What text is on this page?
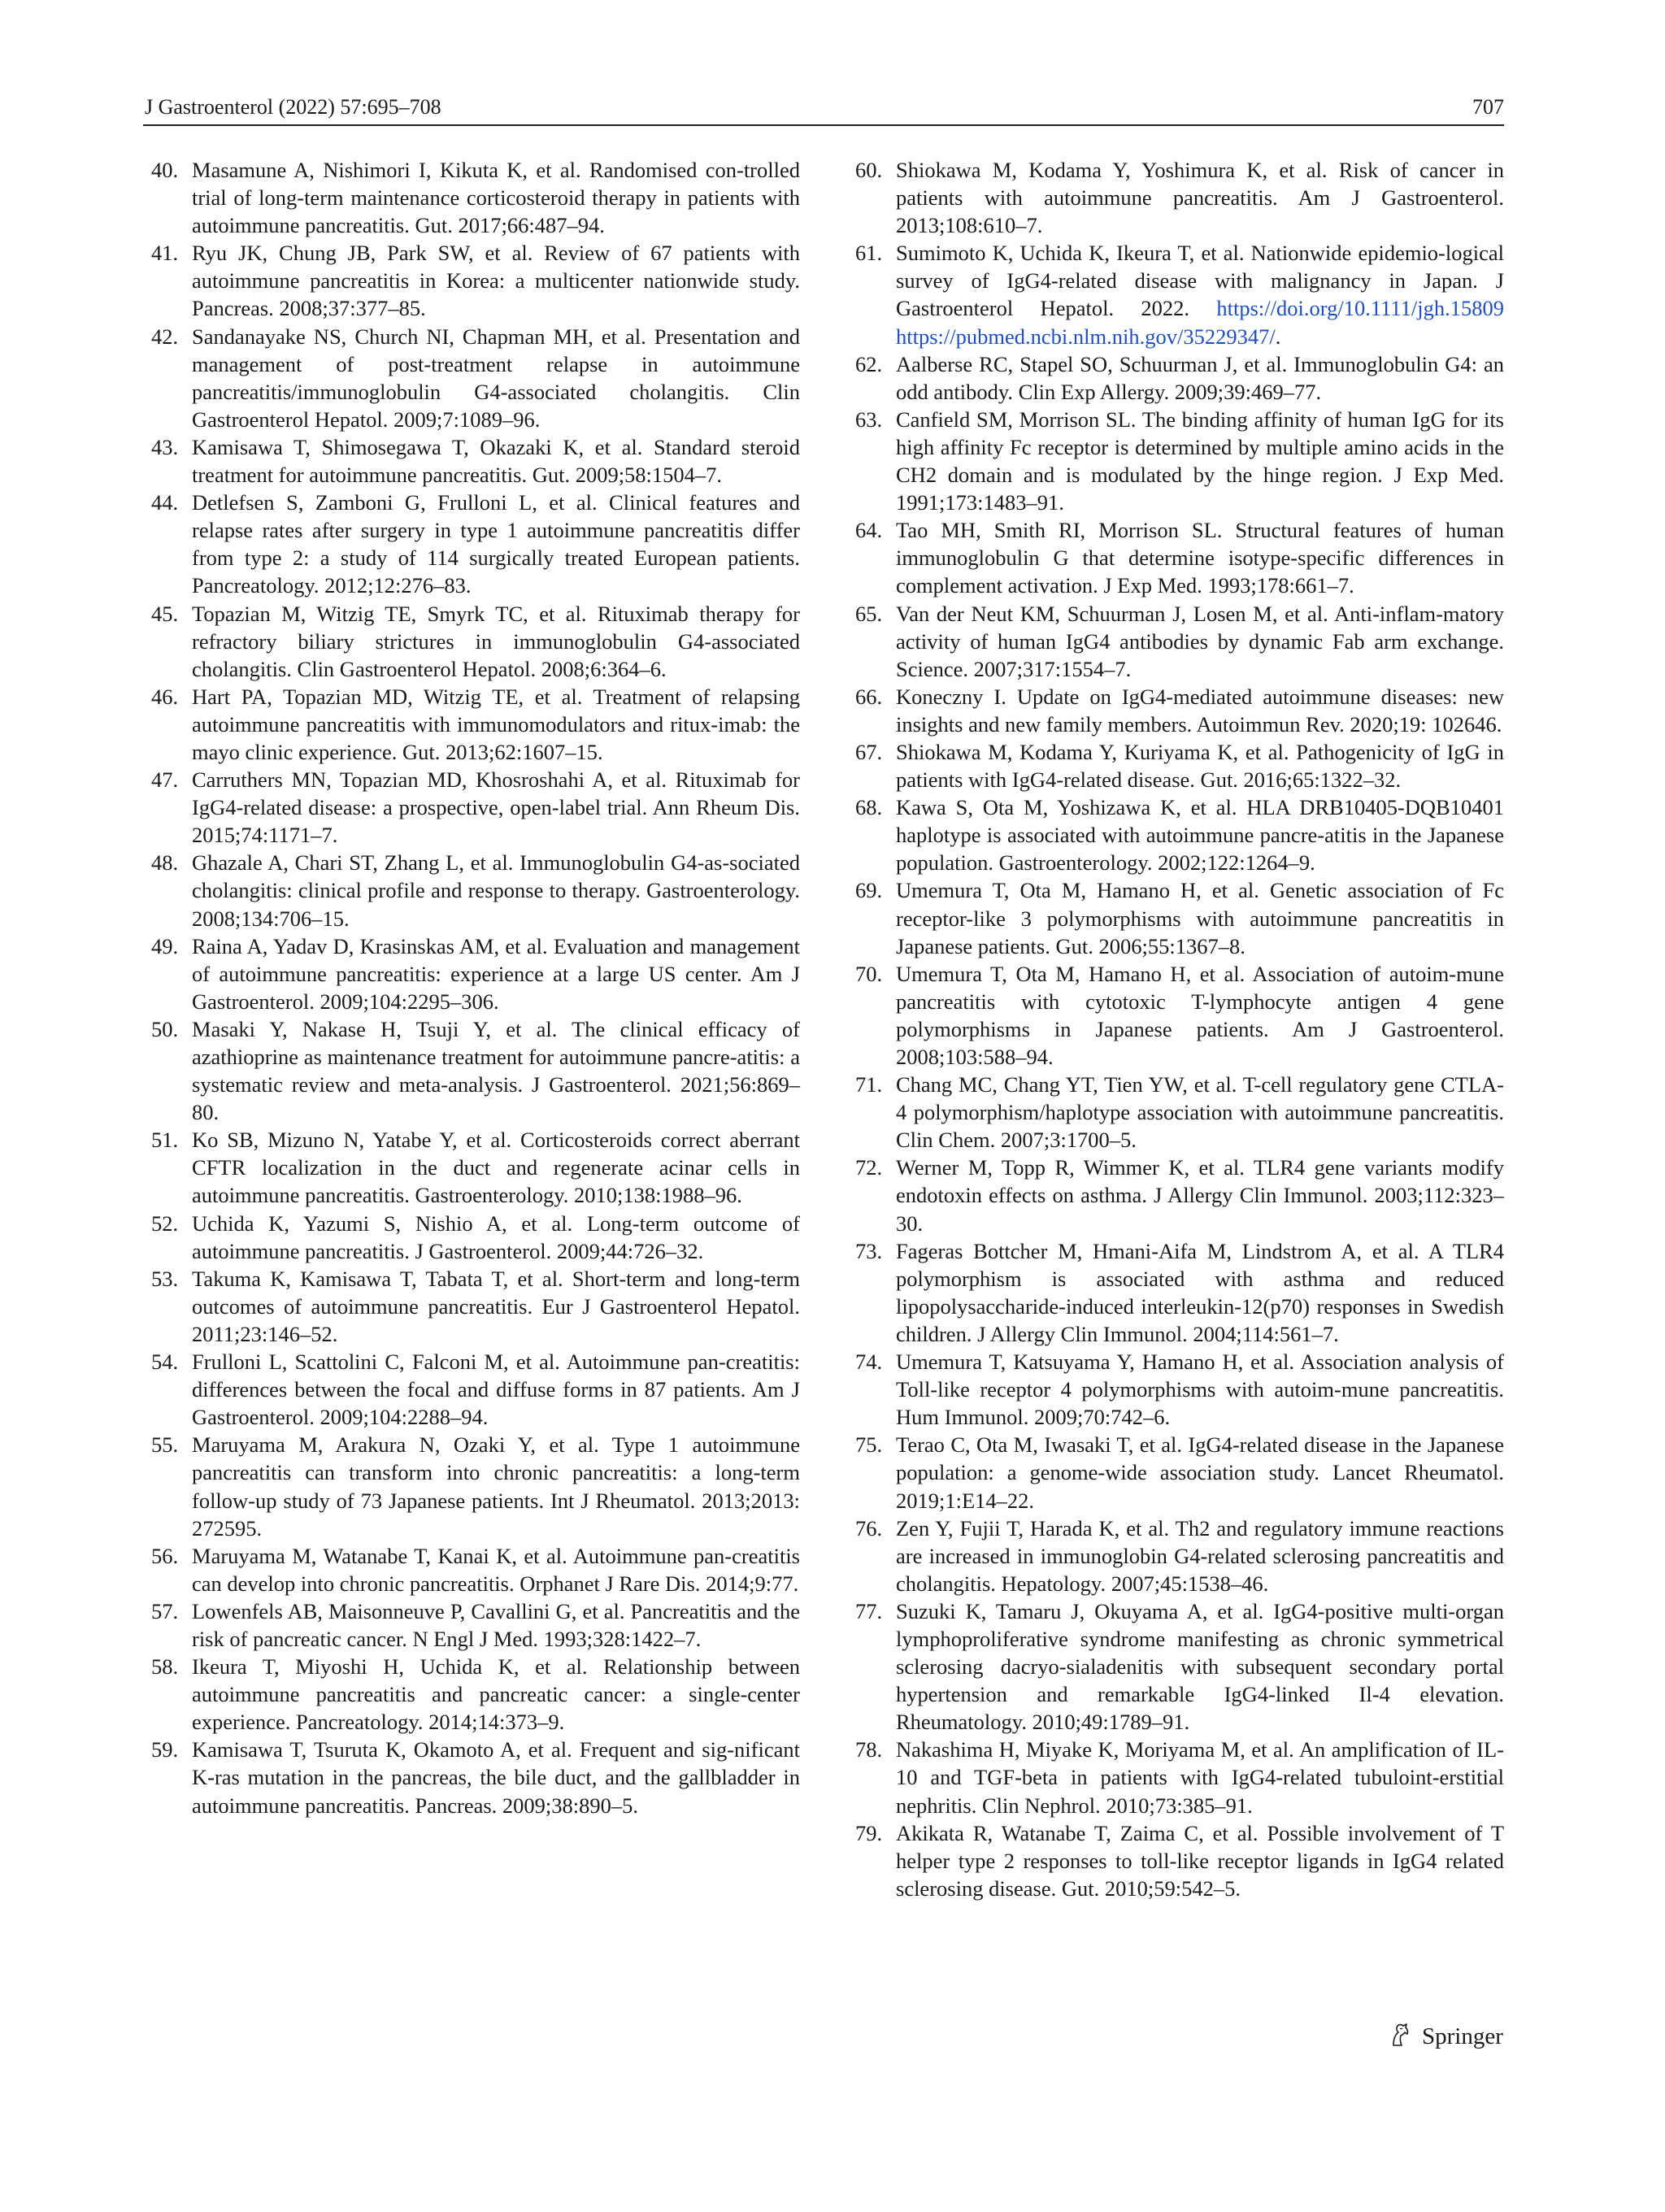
J Gastroenterol (2022) 57:695–708	707
40. Masamune A, Nishimori I, Kikuta K, et al. Randomised con-trolled trial of long-term maintenance corticosteroid therapy in patients with autoimmune pancreatitis. Gut. 2017;66:487–94.
41. Ryu JK, Chung JB, Park SW, et al. Review of 67 patients with autoimmune pancreatitis in Korea: a multicenter nationwide study. Pancreas. 2008;37:377–85.
42. Sandanayake NS, Church NI, Chapman MH, et al. Presentation and management of post-treatment relapse in autoimmune pancreatitis/immunoglobulin G4-associated cholangitis. Clin Gastroenterol Hepatol. 2009;7:1089–96.
43. Kamisawa T, Shimosegawa T, Okazaki K, et al. Standard steroid treatment for autoimmune pancreatitis. Gut. 2009;58:1504–7.
44. Detlefsen S, Zamboni G, Frulloni L, et al. Clinical features and relapse rates after surgery in type 1 autoimmune pancreatitis differ from type 2: a study of 114 surgically treated European patients. Pancreatology. 2012;12:276–83.
45. Topazian M, Witzig TE, Smyrk TC, et al. Rituximab therapy for refractory biliary strictures in immunoglobulin G4-associated cholangitis. Clin Gastroenterol Hepatol. 2008;6:364–6.
46. Hart PA, Topazian MD, Witzig TE, et al. Treatment of relapsing autoimmune pancreatitis with immunomodulators and ritux-imab: the mayo clinic experience. Gut. 2013;62:1607–15.
47. Carruthers MN, Topazian MD, Khosroshahi A, et al. Rituximab for IgG4-related disease: a prospective, open-label trial. Ann Rheum Dis. 2015;74:1171–7.
48. Ghazale A, Chari ST, Zhang L, et al. Immunoglobulin G4-as-sociated cholangitis: clinical profile and response to therapy. Gastroenterology. 2008;134:706–15.
49. Raina A, Yadav D, Krasinskas AM, et al. Evaluation and management of autoimmune pancreatitis: experience at a large US center. Am J Gastroenterol. 2009;104:2295–306.
50. Masaki Y, Nakase H, Tsuji Y, et al. The clinical efficacy of azathioprine as maintenance treatment for autoimmune pancre-atitis: a systematic review and meta-analysis. J Gastroenterol. 2021;56:869–80.
51. Ko SB, Mizuno N, Yatabe Y, et al. Corticosteroids correct aberrant CFTR localization in the duct and regenerate acinar cells in autoimmune pancreatitis. Gastroenterology. 2010;138:1988–96.
52. Uchida K, Yazumi S, Nishio A, et al. Long-term outcome of autoimmune pancreatitis. J Gastroenterol. 2009;44:726–32.
53. Takuma K, Kamisawa T, Tabata T, et al. Short-term and long-term outcomes of autoimmune pancreatitis. Eur J Gastroenterol Hepatol. 2011;23:146–52.
54. Frulloni L, Scattolini C, Falconi M, et al. Autoimmune pan-creatitis: differences between the focal and diffuse forms in 87 patients. Am J Gastroenterol. 2009;104:2288–94.
55. Maruyama M, Arakura N, Ozaki Y, et al. Type 1 autoimmune pancreatitis can transform into chronic pancreatitis: a long-term follow-up study of 73 Japanese patients. Int J Rheumatol. 2013;2013: 272595.
56. Maruyama M, Watanabe T, Kanai K, et al. Autoimmune pan-creatitis can develop into chronic pancreatitis. Orphanet J Rare Dis. 2014;9:77.
57. Lowenfels AB, Maisonneuve P, Cavallini G, et al. Pancreatitis and the risk of pancreatic cancer. N Engl J Med. 1993;328:1422–7.
58. Ikeura T, Miyoshi H, Uchida K, et al. Relationship between autoimmune pancreatitis and pancreatic cancer: a single-center experience. Pancreatology. 2014;14:373–9.
59. Kamisawa T, Tsuruta K, Okamoto A, et al. Frequent and sig-nificant K-ras mutation in the pancreas, the bile duct, and the gallbladder in autoimmune pancreatitis. Pancreas. 2009;38:890–5.
60. Shiokawa M, Kodama Y, Yoshimura K, et al. Risk of cancer in patients with autoimmune pancreatitis. Am J Gastroenterol. 2013;108:610–7.
61. Sumimoto K, Uchida K, Ikeura T, et al. Nationwide epidemio-logical survey of IgG4-related disease with malignancy in Japan. J Gastroenterol Hepatol. 2022. https://doi.org/10.1111/jgh.15809 https://pubmed.ncbi.nlm.nih.gov/35229347/.
62. Aalberse RC, Stapel SO, Schuurman J, et al. Immunoglobulin G4: an odd antibody. Clin Exp Allergy. 2009;39:469–77.
63. Canfield SM, Morrison SL. The binding affinity of human IgG for its high affinity Fc receptor is determined by multiple amino acids in the CH2 domain and is modulated by the hinge region. J Exp Med. 1991;173:1483–91.
64. Tao MH, Smith RI, Morrison SL. Structural features of human immunoglobulin G that determine isotype-specific differences in complement activation. J Exp Med. 1993;178:661–7.
65. Van der Neut KM, Schuurman J, Losen M, et al. Anti-inflam-matory activity of human IgG4 antibodies by dynamic Fab arm exchange. Science. 2007;317:1554–7.
66. Koneczny I. Update on IgG4-mediated autoimmune diseases: new insights and new family members. Autoimmun Rev. 2020;19: 102646.
67. Shiokawa M, Kodama Y, Kuriyama K, et al. Pathogenicity of IgG in patients with IgG4-related disease. Gut. 2016;65:1322–32.
68. Kawa S, Ota M, Yoshizawa K, et al. HLA DRB10405-DQB10401 haplotype is associated with autoimmune pancre-atitis in the Japanese population. Gastroenterology. 2002;122:1264–9.
69. Umemura T, Ota M, Hamano H, et al. Genetic association of Fc receptor-like 3 polymorphisms with autoimmune pancreatitis in Japanese patients. Gut. 2006;55:1367–8.
70. Umemura T, Ota M, Hamano H, et al. Association of autoim-mune pancreatitis with cytotoxic T-lymphocyte antigen 4 gene polymorphisms in Japanese patients. Am J Gastroenterol. 2008;103:588–94.
71. Chang MC, Chang YT, Tien YW, et al. T-cell regulatory gene CTLA-4 polymorphism/haplotype association with autoimmune pancreatitis. Clin Chem. 2007;3:1700–5.
72. Werner M, Topp R, Wimmer K, et al. TLR4 gene variants modify endotoxin effects on asthma. J Allergy Clin Immunol. 2003;112:323–30.
73. Fageras Bottcher M, Hmani-Aifa M, Lindstrom A, et al. A TLR4 polymorphism is associated with asthma and reduced lipopolysaccharide-induced interleukin-12(p70) responses in Swedish children. J Allergy Clin Immunol. 2004;114:561–7.
74. Umemura T, Katsuyama Y, Hamano H, et al. Association analysis of Toll-like receptor 4 polymorphisms with autoim-mune pancreatitis. Hum Immunol. 2009;70:742–6.
75. Terao C, Ota M, Iwasaki T, et al. IgG4-related disease in the Japanese population: a genome-wide association study. Lancet Rheumatol. 2019;1:E14–22.
76. Zen Y, Fujii T, Harada K, et al. Th2 and regulatory immune reactions are increased in immunoglobin G4-related sclerosing pancreatitis and cholangitis. Hepatology. 2007;45:1538–46.
77. Suzuki K, Tamaru J, Okuyama A, et al. IgG4-positive multi-organ lymphoproliferative syndrome manifesting as chronic symmetrical sclerosing dacryo-sialadenitis with subsequent secondary portal hypertension and remarkable IgG4-linked Il-4 elevation. Rheumatology. 2010;49:1789–91.
78. Nakashima H, Miyake K, Moriyama M, et al. An amplification of IL-10 and TGF-beta in patients with IgG4-related tubuloint-erstitial nephritis. Clin Nephrol. 2010;73:385–91.
79. Akikata R, Watanabe T, Zaima C, et al. Possible involvement of T helper type 2 responses to toll-like receptor ligands in IgG4 related sclerosing disease. Gut. 2010;59:542–5.
Springer
